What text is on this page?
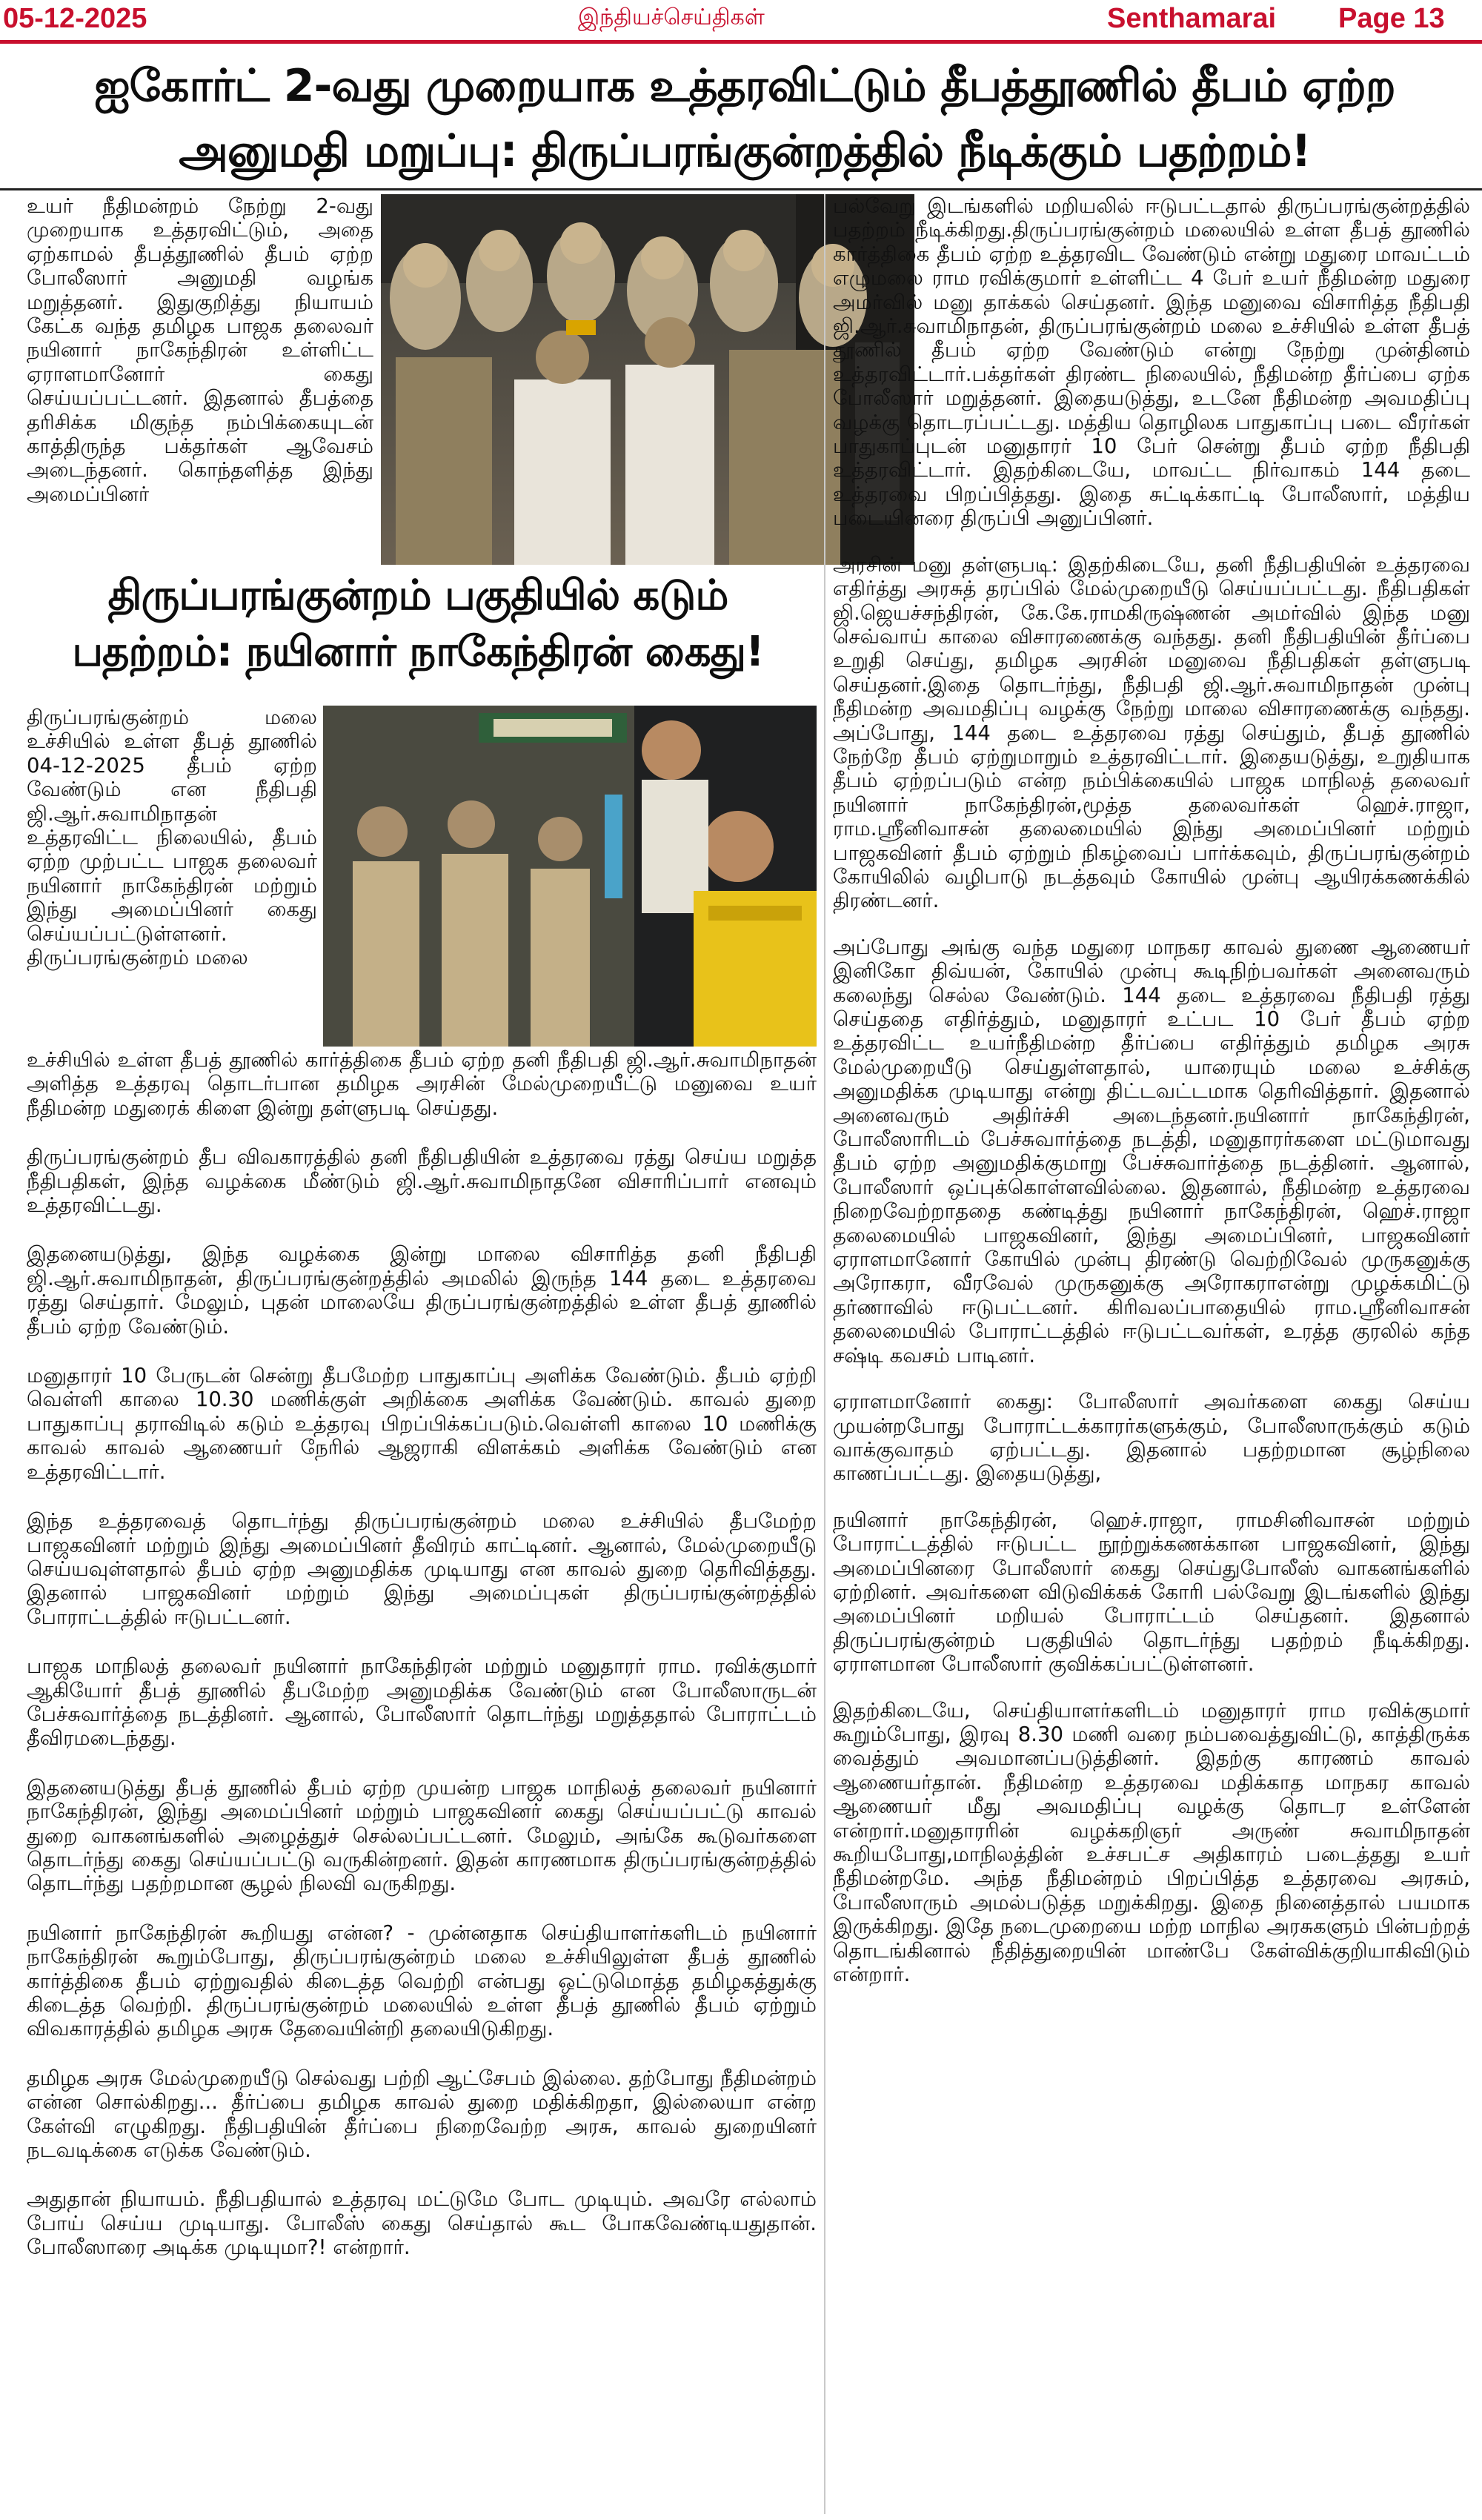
05-12-2025	இந்தியச்செய்திகள்	Senthamarai Page 13
ஐகோர்ட் 2-வது முறையாக உத்தரவிட்டும் தீபத்தூணில் தீபம் ஏற்ற அனுமதி மறுப்பு: திருப்பரங்குன்றத்தில் நீடிக்கும் பதற்றம்!

உயர் நீதிமன்றம் நேற்று 2-வது முறையாக உத்தரவிட்டும், அதை ஏற்காமல் தீபத்தூணில் தீபம் ஏற்ற போலீஸார் அனுமதி வழங்க மறுத்தனர். இதுகுறித்து நியாயம் கேட்க வந்த தமிழக பாஜக தலைவர் நயினார் நாகேந்திரன் உள்ளிட்ட ஏராளமானோர் கைது செய்யப்பட்டனர். இதனால் தீபத்தை தரிசிக்க மிகுந்த நம்பிக்கையுடன் காத்திருந்த பக்தர்கள் ஆவேசம் அடைந்தனர். கொந்தளித்த இந்து அமைப்பினர்

பல்வேறு இடங்களில் மறியலில் ஈடுபட்டதால் திருப்பரங்குன்றத்தில் பதற்றம் நீடிக்கிறது.திருப்பரங்குன்றம் மலையில் உள்ள தீபத் தூணில் கார்த்திகை தீபம் ஏற்ற உத்தரவிட வேண்டும் என்று மதுரை மாவட்டம் எழுமலை ராம ரவிக்குமார் உள்ளிட்ட 4 பேர் உயர் நீதிமன்ற மதுரை அமர்வில் மனு தாக்கல் செய்தனர். இந்த மனுவை விசாரித்த நீதிபதி ஜி.ஆர்.சுவாமிநாதன், திருப்பரங்குன்றம் மலை உச்சியில் உள்ள தீபத் தூணில் தீபம் ஏற்ற வேண்டும் என்று நேற்று முன்தினம் உத்தரவிட்டார்.பக்தர்கள் திரண்ட நிலையில், நீதிமன்ற தீர்ப்பை ஏற்க போலீஸார் மறுத்தனர். இதையடுத்து, உடனே நீதிமன்ற அவமதிப்பு வழக்கு தொடரப்பட்டது. மத்திய தொழிலக பாதுகாப்பு படை வீரர்கள் பாதுகாப்புடன் மனுதாரர் 10 பேர் சென்று தீபம் ஏற்ற நீதிபதி உத்தரவிட்டார். இதற்கிடையே, மாவட்ட நிர்வாகம் 144 தடை உத்தரவை பிறப்பித்தது. இதை சுட்டிக்காட்டி போலீஸார், மத்திய படையினரை திருப்பி அனுப்பினர்.

அரசின் மனு தள்ளுபடி: இதற்கிடையே, தனி நீதிபதியின் உத்தரவை எதிர்த்து அரசுத் தரப்பில் மேல்முறையீடு செய்யப்பட்டது. நீதிபதிகள் ஜி.ஜெயச்சந்திரன், கே.கே.ராமகிருஷ்ணன் அமர்வில் இந்த மனு செவ்வாய் காலை விசாரணைக்கு வந்தது. தனி நீதிபதியின் தீர்ப்பை உறுதி செய்து, தமிழக அரசின் மனுவை நீதிபதிகள் தள்ளுபடி செய்தனர்.இதை தொடர்ந்து, நீதிபதி ஜி.ஆர்.சுவாமிநாதன் முன்பு நீதிமன்ற அவமதிப்பு வழக்கு நேற்று மாலை விசாரணைக்கு வந்தது. அப்போது, 144 தடை உத்தரவை ரத்து செய்தும், தீபத் தூணில் நேற்றே தீபம் ஏற்றுமாறும் உத்தரவிட்டார். இதையடுத்து, உறுதியாக தீபம் ஏற்றப்படும் என்ற நம்பிக்கையில் பாஜக மாநிலத் தலைவர் நயினார் நாகேந்திரன்,மூத்த தலைவர்கள் ஹெச்.ராஜா, ராம.ஸ்ரீனிவாசன் தலைமையில் இந்து அமைப்பினர் மற்றும் பாஜகவினர் தீபம் ஏற்றும் நிகழ்வைப் பார்க்கவும், திருப்பரங்குன்றம் கோயிலில் வழிபாடு நடத்தவும் கோயில் முன்பு ஆயிரக்கணக்கில் திரண்டனர்.

அப்போது அங்கு வந்த மதுரை மாநகர காவல் துணை ஆணையர் இனிகோ திவ்யன், கோயில் முன்பு கூடிநிற்பவர்கள் அனைவரும் கலைந்து செல்ல வேண்டும். 144 தடை உத்தரவை நீதிபதி ரத்து செய்ததை எதிர்த்தும், மனுதாரர் உட்பட 10 பேர் தீபம் ஏற்ற உத்தரவிட்ட உயர்நீதிமன்ற தீர்ப்பை எதிர்த்தும் தமிழக அரசு மேல்முறையீடு செய்துள்ளதால், யாரையும் மலை உச்சிக்கு அனுமதிக்க முடியாது என்று திட்டவட்டமாக தெரிவித்தார். இதனால் அனைவரும் அதிர்ச்சி அடைந்தனர்.நயினார் நாகேந்திரன், போலீஸாரிடம் பேச்சுவார்த்தை நடத்தி, மனுதாரர்களை மட்டுமாவது தீபம் ஏற்ற அனுமதிக்குமாறு பேச்சுவார்த்தை நடத்தினர். ஆனால், போலீஸார் ஒப்புக்கொள்ளவில்லை. இதனால், நீதிமன்ற உத்தரவை நிறைவேற்றாததை கண்டித்து நயினார் நாகேந்திரன், ஹெச்.ராஜா தலைமையில் பாஜகவினர், இந்து அமைப்பினர், பாஜகவினர் ஏராளமானோர் கோயில் முன்பு திரண்டு வெற்றிவேல் முருகனுக்கு அரோகரா, வீரவேல் முருகனுக்கு அரோகராஎன்று முழக்கமிட்டு தர்ணாவில் ஈடுபட்டனர். கிரிவலப்பாதையில் ராம.ஸ்ரீனிவாசன் தலைமையில் போராட்டத்தில் ஈடுபட்டவர்கள், உரத்த குரலில் கந்த சஷ்டி கவசம் பாடினர்.

ஏராளமானோர் கைது: போலீஸார் அவர்களை கைது செய்ய முயன்றபோது போராட்டக்காரர்களுக்கும், போலீஸாருக்கும் கடும் வாக்குவாதம் ஏற்பட்டது. இதனால் பதற்றமான சூழ்நிலை காணப்பட்டது. இதையடுத்து,

நயினார் நாகேந்திரன், ஹெச்.ராஜா, ராமசினிவாசன் மற்றும் போராட்டத்தில் ஈடுபட்ட நூற்றுக்கணக்கான பாஜகவினர், இந்து அமைப்பினரை போலீஸார் கைது செய்துபோலீஸ் வாகனங்களில் ஏற்றினர். அவர்களை விடுவிக்கக் கோரி பல்வேறு இடங்களில் இந்து அமைப்பினர் மறியல் போராட்டம் செய்தனர். இதனால் திருப்பரங்குன்றம் பகுதியில் தொடர்ந்து பதற்றம் நீடிக்கிறது. ஏராளமான போலீஸார் குவிக்கப்பட்டுள்ளனர்.

இதற்கிடையே, செய்தியாளர்களிடம் மனுதாரர் ராம ரவிக்குமார் கூறும்போது, இரவு 8.30 மணி வரை நம்பவைத்துவிட்டு, காத்திருக்க வைத்தும் அவமானப்படுத்தினர். இதற்கு காரணம் காவல் ஆணையர்தான். நீதிமன்ற உத்தரவை மதிக்காத மாநகர காவல் ஆணையர் மீது அவமதிப்பு வழக்கு தொடர உள்ளேன் என்றார்.மனுதாரரின் வழக்கறிஞர் அருண் சுவாமிநாதன் கூறியபோது,மாநிலத்தின் உச்சபட்ச அதிகாரம் படைத்தது உயர் நீதிமன்றமே. அந்த நீதிமன்றம் பிறப்பித்த உத்தரவை அரசும், போலீஸாரும் அமல்படுத்த மறுக்கிறது. இதை நினைத்தால் பயமாக இருக்கிறது. இதே நடைமுறையை மற்ற மாநில அரசுகளும் பின்பற்றத் தொடங்கினால் நீதித்துறையின் மாண்பே கேள்விக்குறியாகிவிடும் என்றார்.

திருப்பரங்குன்றம் பகுதியில் கடும் பதற்றம்: நயினார் நாகேந்திரன் கைது!

திருப்பரங்குன்றம் மலை உச்சியில் உள்ள தீபத் தூணில் 04-12-2025 தீபம் ஏற்ற வேண்டும் என நீதிபதி ஜி.ஆர்.சுவாமிநாதன் உத்தரவிட்ட நிலையில், தீபம் ஏற்ற முற்பட்ட பாஜக தலைவர் நயினார் நாகேந்திரன் மற்றும் இந்து அமைப்பினர் கைது செய்யப்பட்டுள்ளனர். திருப்பரங்குன்றம் மலை

உச்சியில் உள்ள தீபத் தூணில் கார்த்திகை தீபம் ஏற்ற தனி நீதிபதி ஜி.ஆர்.சுவாமிநாதன் அளித்த உத்தரவு தொடர்பான தமிழக அரசின் மேல்முறையீட்டு மனுவை உயர் நீதிமன்ற மதுரைக் கிளை இன்று தள்ளுபடி செய்தது.

திருப்பரங்குன்றம் தீப விவகாரத்தில் தனி நீதிபதியின் உத்தரவை ரத்து செய்ய மறுத்த நீதிபதிகள், இந்த வழக்கை மீண்டும் ஜி.ஆர்.சுவாமிநாதனே விசாரிப்பார் எனவும் உத்தரவிட்டது.

இதனையடுத்து, இந்த வழக்கை இன்று மாலை விசாரித்த தனி நீதிபதி ஜி.ஆர்.சுவாமிநாதன், திருப்பரங்குன்றத்தில் அமலில் இருந்த 144 தடை உத்தரவை ரத்து செய்தார். மேலும், புதன் மாலையே திருப்பரங்குன்றத்தில் உள்ள தீபத் தூணில் தீபம் ஏற்ற வேண்டும்.

மனுதாரர் 10 பேருடன் சென்று தீபமேற்ற பாதுகாப்பு அளிக்க வேண்டும். தீபம் ஏற்றி வெள்ளி காலை 10.30 மணிக்குள் அறிக்கை அளிக்க வேண்டும். காவல் துறை பாதுகாப்பு தராவிடில் கடும் உத்தரவு பிறப்பிக்கப்படும்.வெள்ளி காலை 10 மணிக்கு காவல் காவல் ஆணையர் நேரில் ஆஜராகி விளக்கம் அளிக்க வேண்டும் என உத்தரவிட்டார்.

இந்த உத்தரவைத் தொடர்ந்து திருப்பரங்குன்றம் மலை உச்சியில் தீபமேற்ற பாஜகவினர் மற்றும் இந்து அமைப்பினர் தீவிரம் காட்டினர். ஆனால், மேல்முறையீடு செய்யவுள்ளதால் தீபம் ஏற்ற அனுமதிக்க முடியாது என காவல் துறை தெரிவித்தது. இதனால் பாஜகவினர் மற்றும் இந்து அமைப்புகள் திருப்பரங்குன்றத்தில் போராட்டத்தில் ஈடுபட்டனர்.

பாஜக மாநிலத் தலைவர் நயினார் நாகேந்திரன் மற்றும் மனுதாரர் ராம. ரவிக்குமார் ஆகியோர் தீபத் தூணில் தீபமேற்ற அனுமதிக்க வேண்டும் என போலீஸாருடன் பேச்சுவார்த்தை நடத்தினர். ஆனால், போலீஸார் தொடர்ந்து மறுத்ததால் போராட்டம் தீவிரமடைந்தது.

இதனையடுத்து தீபத் தூணில் தீபம் ஏற்ற முயன்ற பாஜக மாநிலத் தலைவர் நயினார் நாகேந்திரன், இந்து அமைப்பினர் மற்றும் பாஜகவினர் கைது செய்யப்பட்டு காவல் துறை வாகனங்களில் அழைத்துச் செல்லப்பட்டனர். மேலும், அங்கே கூடுவர்களை தொடர்ந்து கைது செய்யப்பட்டு வருகின்றனர். இதன் காரணமாக திருப்பரங்குன்றத்தில் தொடர்ந்து பதற்றமான சூழல் நிலவி வருகிறது.

நயினார் நாகேந்திரன் கூறியது என்ன? - முன்னதாக செய்தியாளர்களிடம் நயினார் நாகேந்திரன் கூறும்போது, திருப்பரங்குன்றம் மலை உச்சியிலுள்ள தீபத் தூணில் கார்த்திகை தீபம் ஏற்றுவதில் கிடைத்த வெற்றி என்பது ஒட்டுமொத்த தமிழகத்துக்கு கிடைத்த வெற்றி. திருப்பரங்குன்றம் மலையில் உள்ள தீபத் தூணில் தீபம் ஏற்றும் விவகாரத்தில் தமிழக அரசு தேவையின்றி தலையிடுகிறது.

தமிழக அரசு மேல்முறையீடு செல்வது பற்றி ஆட்சேபம் இல்லை. தற்போது நீதிமன்றம் என்ன சொல்கிறது... தீர்ப்பை தமிழக காவல் துறை மதிக்கிறதா, இல்லையா என்ற கேள்வி எழுகிறது. நீதிபதியின் தீர்ப்பை நிறைவேற்ற அரசு, காவல் துறையினர் நடவடிக்கை எடுக்க வேண்டும்.

அதுதான் நியாயம். நீதிபதியால் உத்தரவு மட்டுமே போட முடியும். அவரே எல்லாம் போய் செய்ய முடியாது. போலீஸ் கைது செய்தால் கூட போகவேண்டியதுதான். போலீஸாரை அடிக்க முடியுமா?! என்றார்.
